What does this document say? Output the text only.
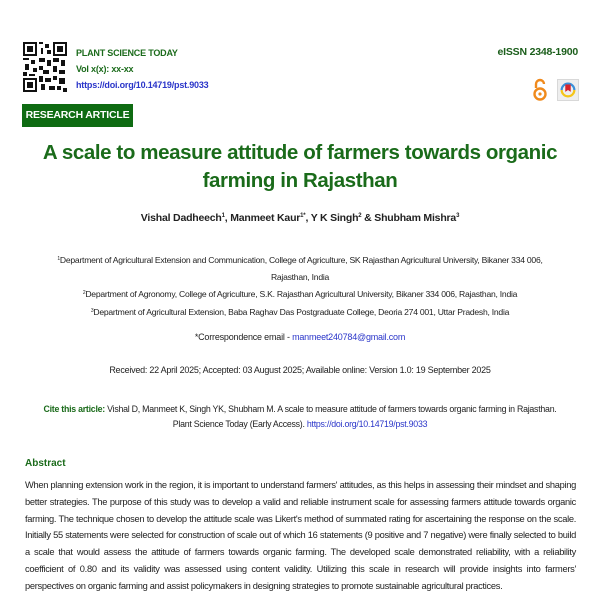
PLANT SCIENCE TODAY
Vol x(x): xx-xx
https://doi.org/10.14719/pst.9033
eISSN 2348-1900
RESEARCH ARTICLE
A scale to measure attitude of farmers towards organic farming in Rajasthan
Vishal Dadheech$^1$, Manmeet Kaur$^{1*}$, Y K Singh$^2$ & Shubham Mishra$^3$
$^1$Department of Agricultural Extension and Communication, College of Agriculture, SK Rajasthan Agricultural University, Bikaner 334 006, Rajasthan, India
$^2$Department of Agronomy, College of Agriculture, S.K. Rajasthan Agricultural University, Bikaner 334 006, Rajasthan, India
$^3$Department of Agricultural Extension, Baba Raghav Das Postgraduate College, Deoria 274 001, Uttar Pradesh, India
*Correspondence email - manmeet240784@gmail.com
Received: 22 April 2025; Accepted: 03 August 2025; Available online: Version 1.0: 19 September 2025
Cite this article: Vishal D, Manmeet K, Singh YK, Shubham M. A scale to measure attitude of farmers towards organic farming in Rajasthan. Plant Science Today (Early Access). https://doi.org/10.14719/pst.9033
Abstract

When planning extension work in the region, it is important to understand farmers' attitudes, as this helps in assessing their mindset and shaping better strategies. The purpose of this study was to develop a valid and reliable instrument scale for assessing farmers attitude towards organic farming. The technique chosen to develop the attitude scale was Likert's method of summated rating for ascertaining the response on the scale. Initially 55 statements were selected for construction of scale out of which 16 statements (9 positive and 7 negative) were finally selected to build a scale that would assess the attitude of farmers towards organic farming. The developed scale demonstrated reliability, with a reliability coefficient of 0.80 and its validity was assessed using content validity. Utilizing this scale in research will provide insights into farmers' perspectives on organic farming and assist policymakers in designing strategies to promote sustainable agricultural practices.
